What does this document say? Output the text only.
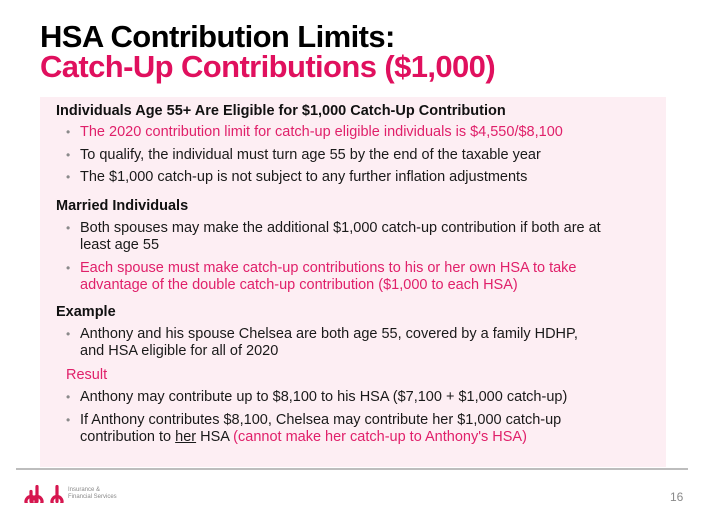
HSA Contribution Limits:
Catch-Up Contributions ($1,000)
Individuals Age 55+ Are Eligible for $1,000 Catch-Up Contribution
• The 2020 contribution limit for catch-up eligible individuals is $4,550/$8,100
• To qualify, the individual must turn age 55 by the end of the taxable year
• The $1,000 catch-up is not subject to any further inflation adjustments
Married Individuals
• Both spouses may make the additional $1,000 catch-up contribution if both are at
least age 55
• Each spouse must make catch-up contributions to his or her own HSA to take
advantage of the double catch-up contribution ($1,000 to each HSA)
Example
• Anthony and his spouse Chelsea are both age 55, covered by a family HDHP,
and HSA eligible for all of 2020
Result
• Anthony may contribute up to $8,100 to his HSA ($7,100 + $1,000 catch-up)
• If Anthony contributes $8,100, Chelsea may contribute her $1,000 catch-up
contribution to her HSA (cannot make her catch-up to Anthony's HSA)
Insurance &
Financial Services	16
